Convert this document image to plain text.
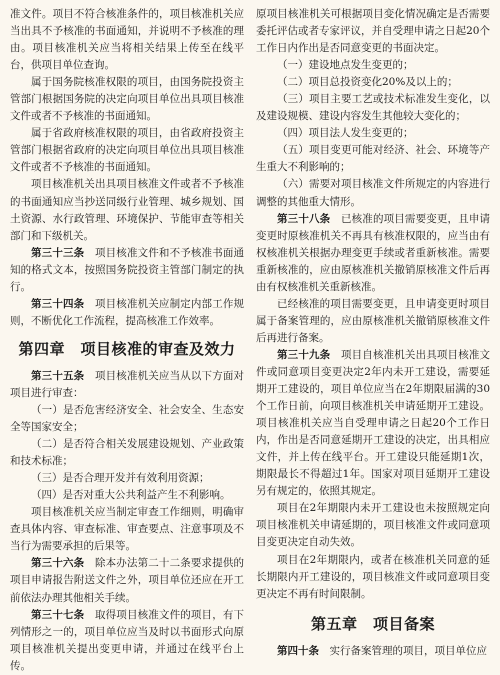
准文件。项目不符合核准条件的，项目核准机关应当出具不予核准的书面通知，并说明不予核准的理由。项目核准机关应当将相关结果上传至在线平台，供项目单位查询。
属于国务院核准权限的项目，由国务院投资主管部门根据国务院的决定向项目单位出具项目核准文件或者不予核准的书面通知。
属于省政府核准权限的项目，由省政府投资主管部门根据省政府的决定向项目单位出具项目核准文件或者不予核准的书面通知。
项目核准机关出具项目核准文件或者不予核准的书面通知应当抄送同级行业管理、城乡规划、国土资源、水行政管理、环境保护、节能审查等相关部门和下级机关。
第三十三条　 项目核准文件和不予核准书面通知的格式文本，按照国务院投资主管部门制定的执行。
第三十四条　 项目核准机关应制定内部工作规则，不断优化工作流程，提高核准工作效率。
第四章　项目核准的审查及效力
第三十五条　 项目核准机关应当从以下方面对项目进行审查：
（一）是否危害经济安全、社会安全、生态安全等国家安全；
（二）是否符合相关发展建设规划、产业政策和技术标准；
（三）是否合理开发并有效利用资源；
（四）是否对重大公共利益产生不利影响。
项目核准机关应当制定审查工作细则，明确审查具体内容、审查标准、审查要点、注意事项及不当行为需要承担的后果等。
第三十六条　 除本办法第二十二条要求提供的项目申请报告附送文件之外，项目单位还应在开工前依法办理其他相关手续。
第三十七条　 取得项目核准文件的项目，有下列情形之一的，项目单位应当及时以书面形式向原项目核准机关提出变更申请，并通过在线平台上传。
原项目核准机关可根据项目变化情况确定是否需要委托评估或者专家评议，并自受理申请之日起20个工作日内作出是否同意变更的书面决定。
（一）建设地点发生变更的；
（二）项目总投资变化20%及以上的；
（三）项目主要工艺或技术标准发生变化，以及建设规模、建设内容发生其他较大变化的；
（四）项目法人发生变更的；
（五）项目变更可能对经济、社会、环境等产生重大不利影响的；
（六）需要对项目核准文件所规定的内容进行调整的其他重大情形。
第三十八条　 已核准的项目需要变更，且申请变更时原核准机关不再具有核准权限的，应当由有权核准机关根据办理变更手续或者重新核准。需要重新核准的，应由原核准机关撤销原核准文件后再由有权核准机关重新核准。
已经核准的项目需要变更，且申请变更时项目属于备案管理的，应由原核准机关撤销原核准文件后再进行备案。
第三十九条　 项目自核准机关出具项目核准文件或同意项目变更决定2年内未开工建设，需要延期开工建设的，项目单位应当在2年期限届满的30个工作日前，向项目核准机关申请延期开工建设。项目核准机关应当自受理申请之日起20个工作日内，作出是否同意延期开工建设的决定，出具相应文件，并上传在线平台。开工建设只能延期1次，期限最长不得超过1年。国家对项目延期开工建设另有规定的，依照其规定。
项目在2年期限内未开工建设也未按照规定向项目核准机关申请延期的，项目核准文件或同意项目变更决定自动失效。
项目在2年期限内，或者在核准机关同意的延长期限内开工建设的，项目核准文件或同意项目变更决定不再有时间限制。
第五章　项目备案
第四十条　 实行备案管理的项目，项目单位应
